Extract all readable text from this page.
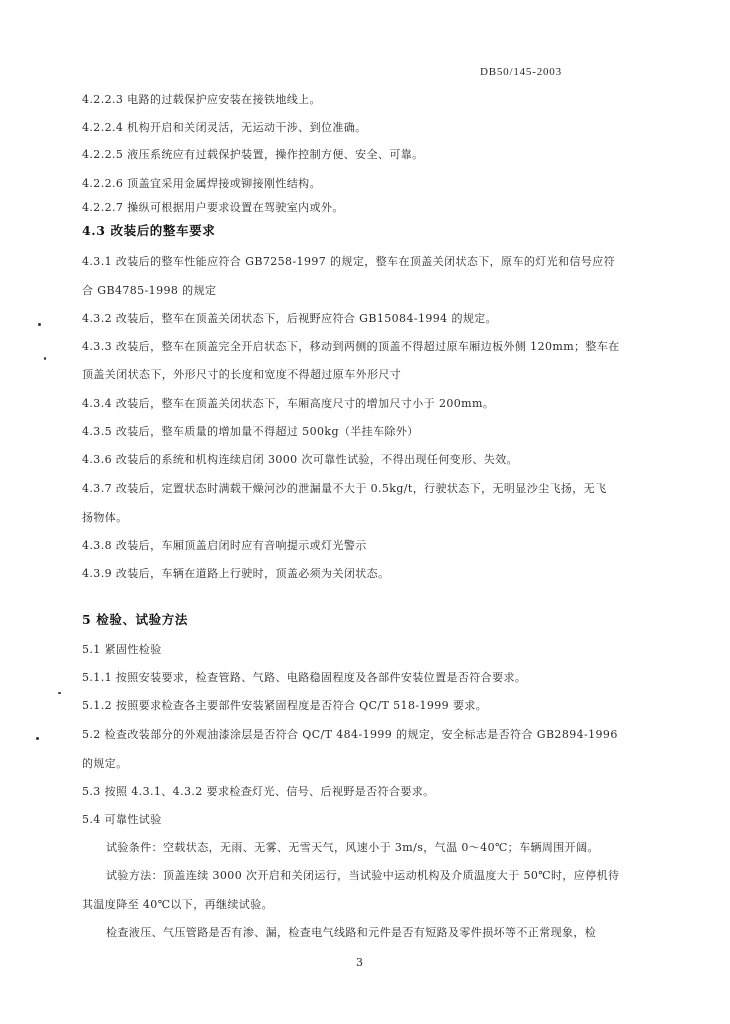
DB50/145-2003
4.2.2.3 电路的过载保护应安装在接铁地线上。
4.2.2.4 机构开启和关闭灵活，无运动干涉、到位准确。
4.2.2.5 液压系统应有过载保护装置，操作控制方便、安全、可靠。
4.2.2.6 顶盖宜采用金属焊接或铆接刚性结构。
4.2.2.7 操纵可根据用户要求设置在驾驶室内或外。
4.3 改装后的整车要求
4.3.1 改装后的整车性能应符合 GB7258-1997 的规定，整车在顶盖关闭状态下，原车的灯光和信号应符
合 GB4785-1998 的规定
4.3.2 改装后，整车在顶盖关闭状态下，后视野应符合 GB15084-1994 的规定。
4.3.3 改装后，整车在顶盖完全开启状态下，移动到两侧的顶盖不得超过原车厢边板外侧 120mm；整车在
顶盖关闭状态下，外形尺寸的长度和宽度不得超过原车外形尺寸
4.3.4 改装后，整车在顶盖关闭状态下，车厢高度尺寸的增加尺寸小于 200mm。
4.3.5 改装后，整车质量的增加量不得超过 500kg（半挂车除外）
4.3.6 改装后的系统和机构连续启闭 3000 次可靠性试验，不得出现任何变形、失效。
4.3.7 改装后，定置状态时满载干燥河沙的泄漏量不大于 0.5kg/t，行驶状态下，无明显沙尘飞扬，无飞
扬物体。
4.3.8 改装后，车厢顶盖启闭时应有音响提示或灯光警示
4.3.9 改装后，车辆在道路上行驶时，顶盖必须为关闭状态。
5 检验、试验方法
5.1 紧固性检验
5.1.1 按照安装要求，检查管路、气路、电路稳固程度及各部件安装位置是否符合要求。
5.1.2 按照要求检查各主要部件安装紧固程度是否符合 QC/T 518-1999 要求。
5.2 检查改装部分的外观油漆涂层是否符合 QC/T 484-1999 的规定，安全标志是否符合 GB2894-1996
的规定。
5.3 按照 4.3.1、4.3.2 要求检查灯光、信号、后视野是否符合要求。
5.4 可靠性试验
试验条件：空载状态，无雨、无雾、无雪天气，风速小于 3m/s，气温 0～40℃；车辆周围开阔。
试验方法：顶盖连续 3000 次开启和关闭运行，当试验中运动机构及介质温度大于 50℃时，应停机待
其温度降至 40℃以下，再继续试验。
检查液压、气压管路是否有渗、漏，检查电气线路和元件是否有短路及零件损坏等不正常现象，检
3
